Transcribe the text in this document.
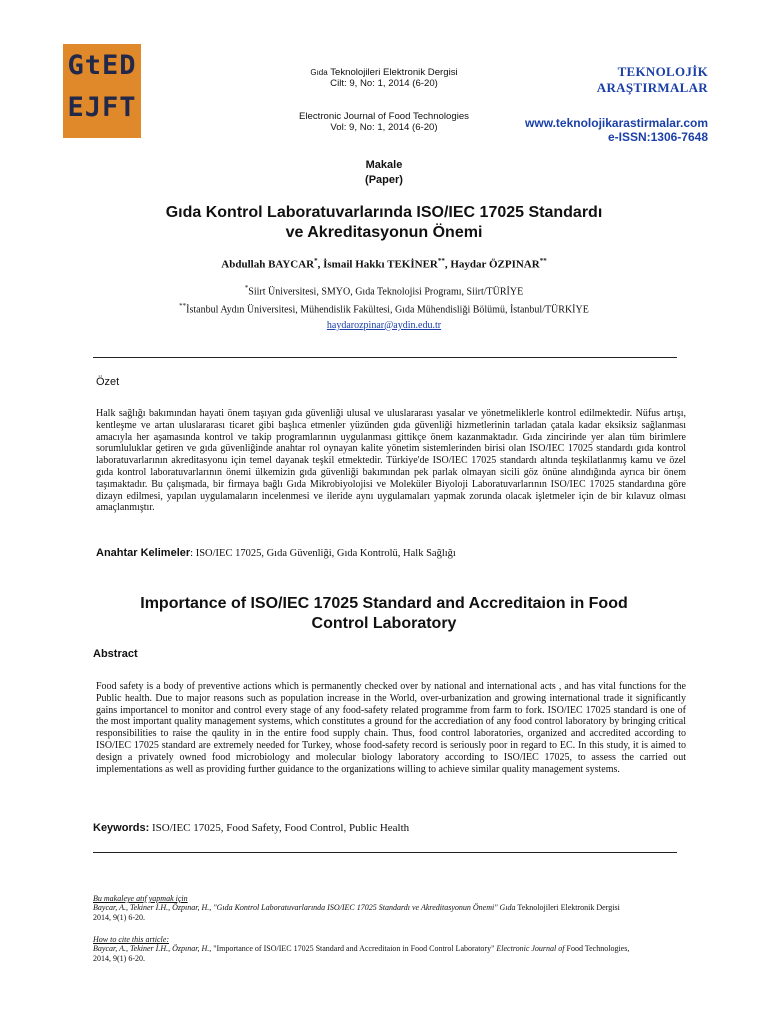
GtED
EJFT
Gıda Teknolojileri Elektronik Dergisi
Cilt: 9, No: 1, 2014 (6-20)
Electronic Journal of Food Technologies
Vol: 9, No: 1, 2014 (6-20)
TEKNOLOJİK
ARAŞTIRMALAR
www.teknolojikarastirmalar.com
e-ISSN:1306-7648
Makale
(Paper)
Gıda Kontrol Laboratuvarlarında ISO/IEC 17025 Standardı
ve Akreditasyonun Önemi
Abdullah BAYCAR*, İsmail Hakkı TEKİNER**, Haydar ÖZPINAR**
*Siirt Üniversitesi, SMYO, Gıda Teknolojisi Programı, Siirt/TÜRİYE
**İstanbul Aydın Üniversitesi, Mühendislik Fakültesi, Gıda Mühendisliği Bölümü, İstanbul/TÜRKİYE
haydarozpinar@aydin.edu.tr
Özet
Halk sağlığı bakımından hayati önem taşıyan gıda güvenliği ulusal ve uluslararası yasalar ve yönetmeliklerle kontrol edilmektedir. Nüfus artışı, kentleşme ve artan uluslararası ticaret gibi başlıca etmenler yüzünden gıda güvenliği hizmetlerinin tarladan çatala kadar eksiksiz sağlanması amacıyla her aşamasında kontrol ve takip programlarının uygulanması gittikçe önem kazanmaktadır. Gıda zincirinde yer alan tüm birimlere sorumluluklar getiren ve gıda güvenliğinde anahtar rol oynayan kalite yönetim sistemlerinden birisi olan ISO/IEC 17025 standardı gıda kontrol laboratuvarlarının akreditasyonu için temel dayanak teşkil etmektedir. Türkiye'de ISO/IEC 17025 standardı altında teşkilatlanmış kamu ve özel gıda kontrol laboratuvarlarının önemi ülkemizin gıda güvenliği bakımından pek parlak olmayan sicili göz önüne alındığında ayrıca bir önem taşımaktadır. Bu çalışmada, bir firmaya bağlı Gıda Mikrobiyolojisi ve Moleküler Biyoloji Laboratuvarlarının ISO/IEC 17025 standardına göre dizayn edilmesi, yapılan uygulamaların incelenmesi ve ileride aynı uygulamaları yapmak zorunda olacak işletmeler için de bir kılavuz olması amaçlanmıştır.
Anahtar Kelimeler: ISO/IEC 17025, Gıda Güvenliği, Gıda Kontrolü, Halk Sağlığı
Importance of ISO/IEC 17025 Standard and Accreditaion in Food
Control Laboratory
Abstract
Food safety is a body of preventive actions which is permanently checked over by national and international acts , and has vital functions for the Public health. Due to major reasons such as population increase in the World, over-urbanization and growing international trade it significantly gains importancel to monitor and control every stage of any food-safety related programme from farm to fork. ISO/IEC 17025 standard is one of the most important quality management systems, which constitutes a ground for the accrediation of any food control laboratory by bringing critical responsibilities to raise the qaulity in in the entire food supply chain. Thus, food control laboratories, organized and accredited according to ISO/IEC 17025 standard are extremely needed for Turkey, whose food-safety record is seriously poor in regard to EC. In this study, it is aimed to design a privately owned food microbiology and molecular biology laboratory according to ISO/IEC 17025, to assess the carried out implementations as well as providing further guidance to the organizations willing to achieve similar quality management systems.
Keywords: ISO/IEC 17025, Food Safety, Food Control, Public Health
Bu makaleye atıf yapmak için
Baycar, A., Tekiner İ.H., Özpınar, H., "Gıda Kontrol Laboratuvarlarında ISO/IEC 17025 Standardı ve Akreditasyonun Önemi" Gıda Teknolojileri Elektronik Dergisi
2014, 9(1) 6-20.
How to cite this article:
Baycar, A., Tekiner İ.H., Özpınar, H., "Importance of ISO/IEC 17025 Standard and Accreditaion in Food Control Laboratory" Electronic Journal of Food Technologies,
2014, 9(1) 6-20.
